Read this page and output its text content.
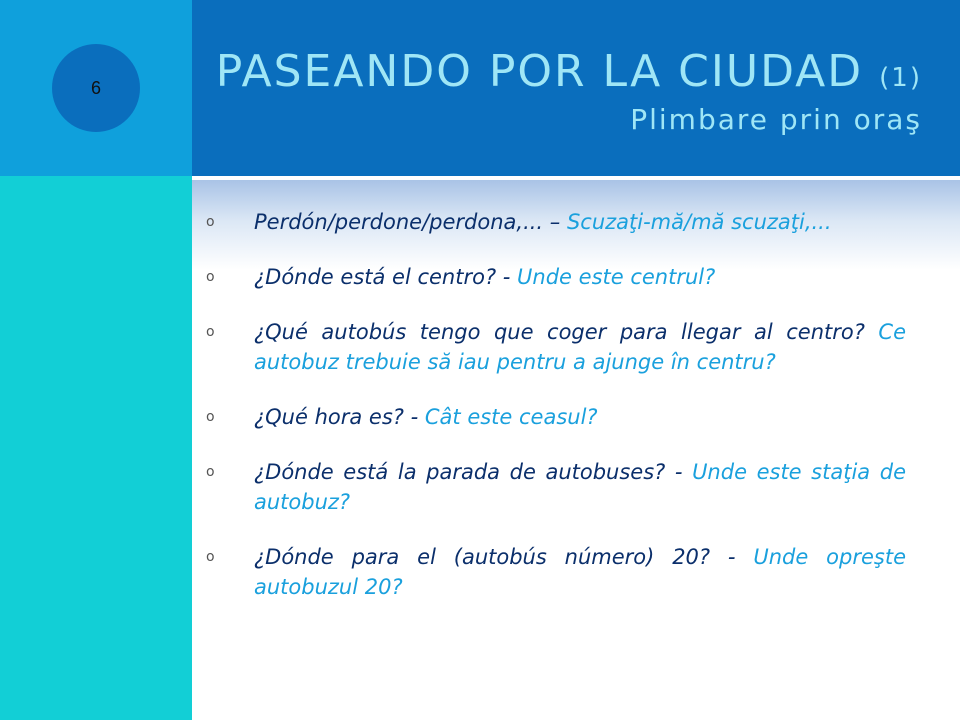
6	PASEANDO POR LA CIUDAD (1)
Plimbare prin oraş
o	Perdón/perdone/perdona,... – Scuzaţi-mă/mă scuzaţi,...
o	¿Dónde está el centro? - Unde este centrul?
o	¿Qué autobús tengo que coger para llegar al centro? Ce autobuz trebuie să iau pentru a ajunge în centru?
o	¿Qué hora es? - Cât este ceasul?
o	¿Dónde está la parada de autobuses? - Unde este staţia de autobuz?
o	¿Dónde para el (autobús número) 20? - Unde opreşte autobuzul 20?
